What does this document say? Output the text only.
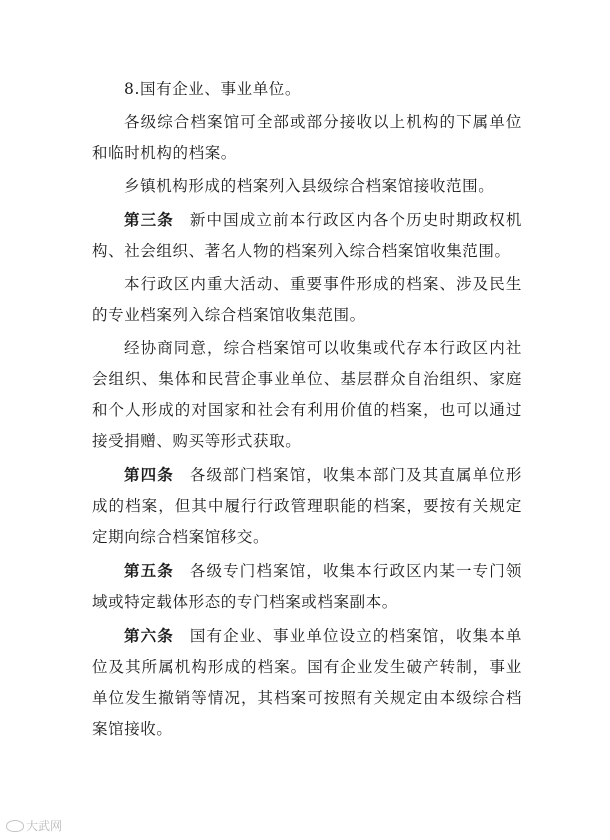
8.国有企业、事业单位。

各级综合档案馆可全部或部分接收以上机构的下属单位和临时机构的档案。

乡镇机构形成的档案列入县级综合档案馆接收范围。

第三条 新中国成立前本行政区内各个历史时期政权机构、社会组织、著名人物的档案列入综合档案馆收集范围。

本行政区内重大活动、重要事件形成的档案、涉及民生的专业档案列入综合档案馆收集范围。

经协商同意，综合档案馆可以收集或代存本行政区内社会组织、集体和民营企事业单位、基层群众自治组织、家庭和个人形成的对国家和社会有利用价值的档案，也可以通过接受捐赠、购买等形式获取。

第四条 各级部门档案馆，收集本部门及其直属单位形成的档案，但其中履行行政管理职能的档案，要按有关规定定期向综合档案馆移交。

第五条 各级专门档案馆，收集本行政区内某一专门领域或特定载体形态的专门档案或档案副本。

第六条 国有企业、事业单位设立的档案馆，收集本单位及其所属机构形成的档案。国有企业发生破产转制，事业单位发生撤销等情况，其档案可按照有关规定由本级综合档案馆接收。

大武网
